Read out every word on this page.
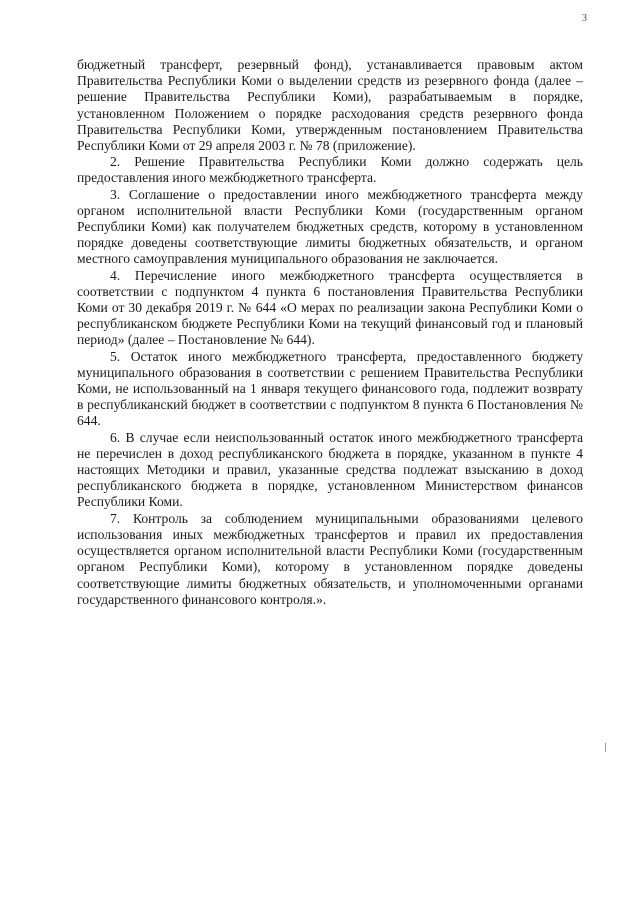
3

бюджетный трансферт, резервный фонд), устанавливается правовым актом Правительства Республики Коми о выделении средств из резервного фонда (далее – решение Правительства Республики Коми), разрабатываемым в порядке, установленном Положением о порядке расходования средств резервного фонда Правительства Республики Коми, утвержденным постановлением Правительства Республики Коми от 29 апреля 2003 г. № 78 (приложение).

2. Решение Правительства Республики Коми должно содержать цель предоставления иного межбюджетного трансферта.

3. Соглашение о предоставлении иного межбюджетного трансферта между органом исполнительной власти Республики Коми (государственным органом Республики Коми) как получателем бюджетных средств, которому в установленном порядке доведены соответствующие лимиты бюджетных обязательств, и органом местного самоуправления муниципального образования не заключается.

4. Перечисление иного межбюджетного трансферта осуществляется в соответствии с подпунктом 4 пункта 6 постановления Правительства Республики Коми от 30 декабря 2019 г. № 644 «О мерах по реализации закона Республики Коми о республиканском бюджете Республики Коми на текущий финансовый год и плановый период» (далее – Постановление № 644).

5. Остаток иного межбюджетного трансферта, предоставленного бюджету муниципального образования в соответствии с решением Правительства Республики Коми, не использованный на 1 января текущего финансового года, подлежит возврату в республиканский бюджет в соответствии с подпунктом 8 пункта 6 Постановления № 644.

6. В случае если неиспользованный остаток иного межбюджетного трансферта не перечислен в доход республиканского бюджета в порядке, указанном в пункте 4 настоящих Методики и правил, указанные средства подлежат взысканию в доход республиканского бюджета в порядке, установленном Министерством финансов Республики Коми.

7. Контроль за соблюдением муниципальными образованиями целевого использования иных межбюджетных трансфертов и правил их предоставления осуществляется органом исполнительной власти Республики Коми (государственным органом Республики Коми), которому в установленном порядке доведены соответствующие лимиты бюджетных обязательств, и уполномоченными органами государственного финансового контроля.».
